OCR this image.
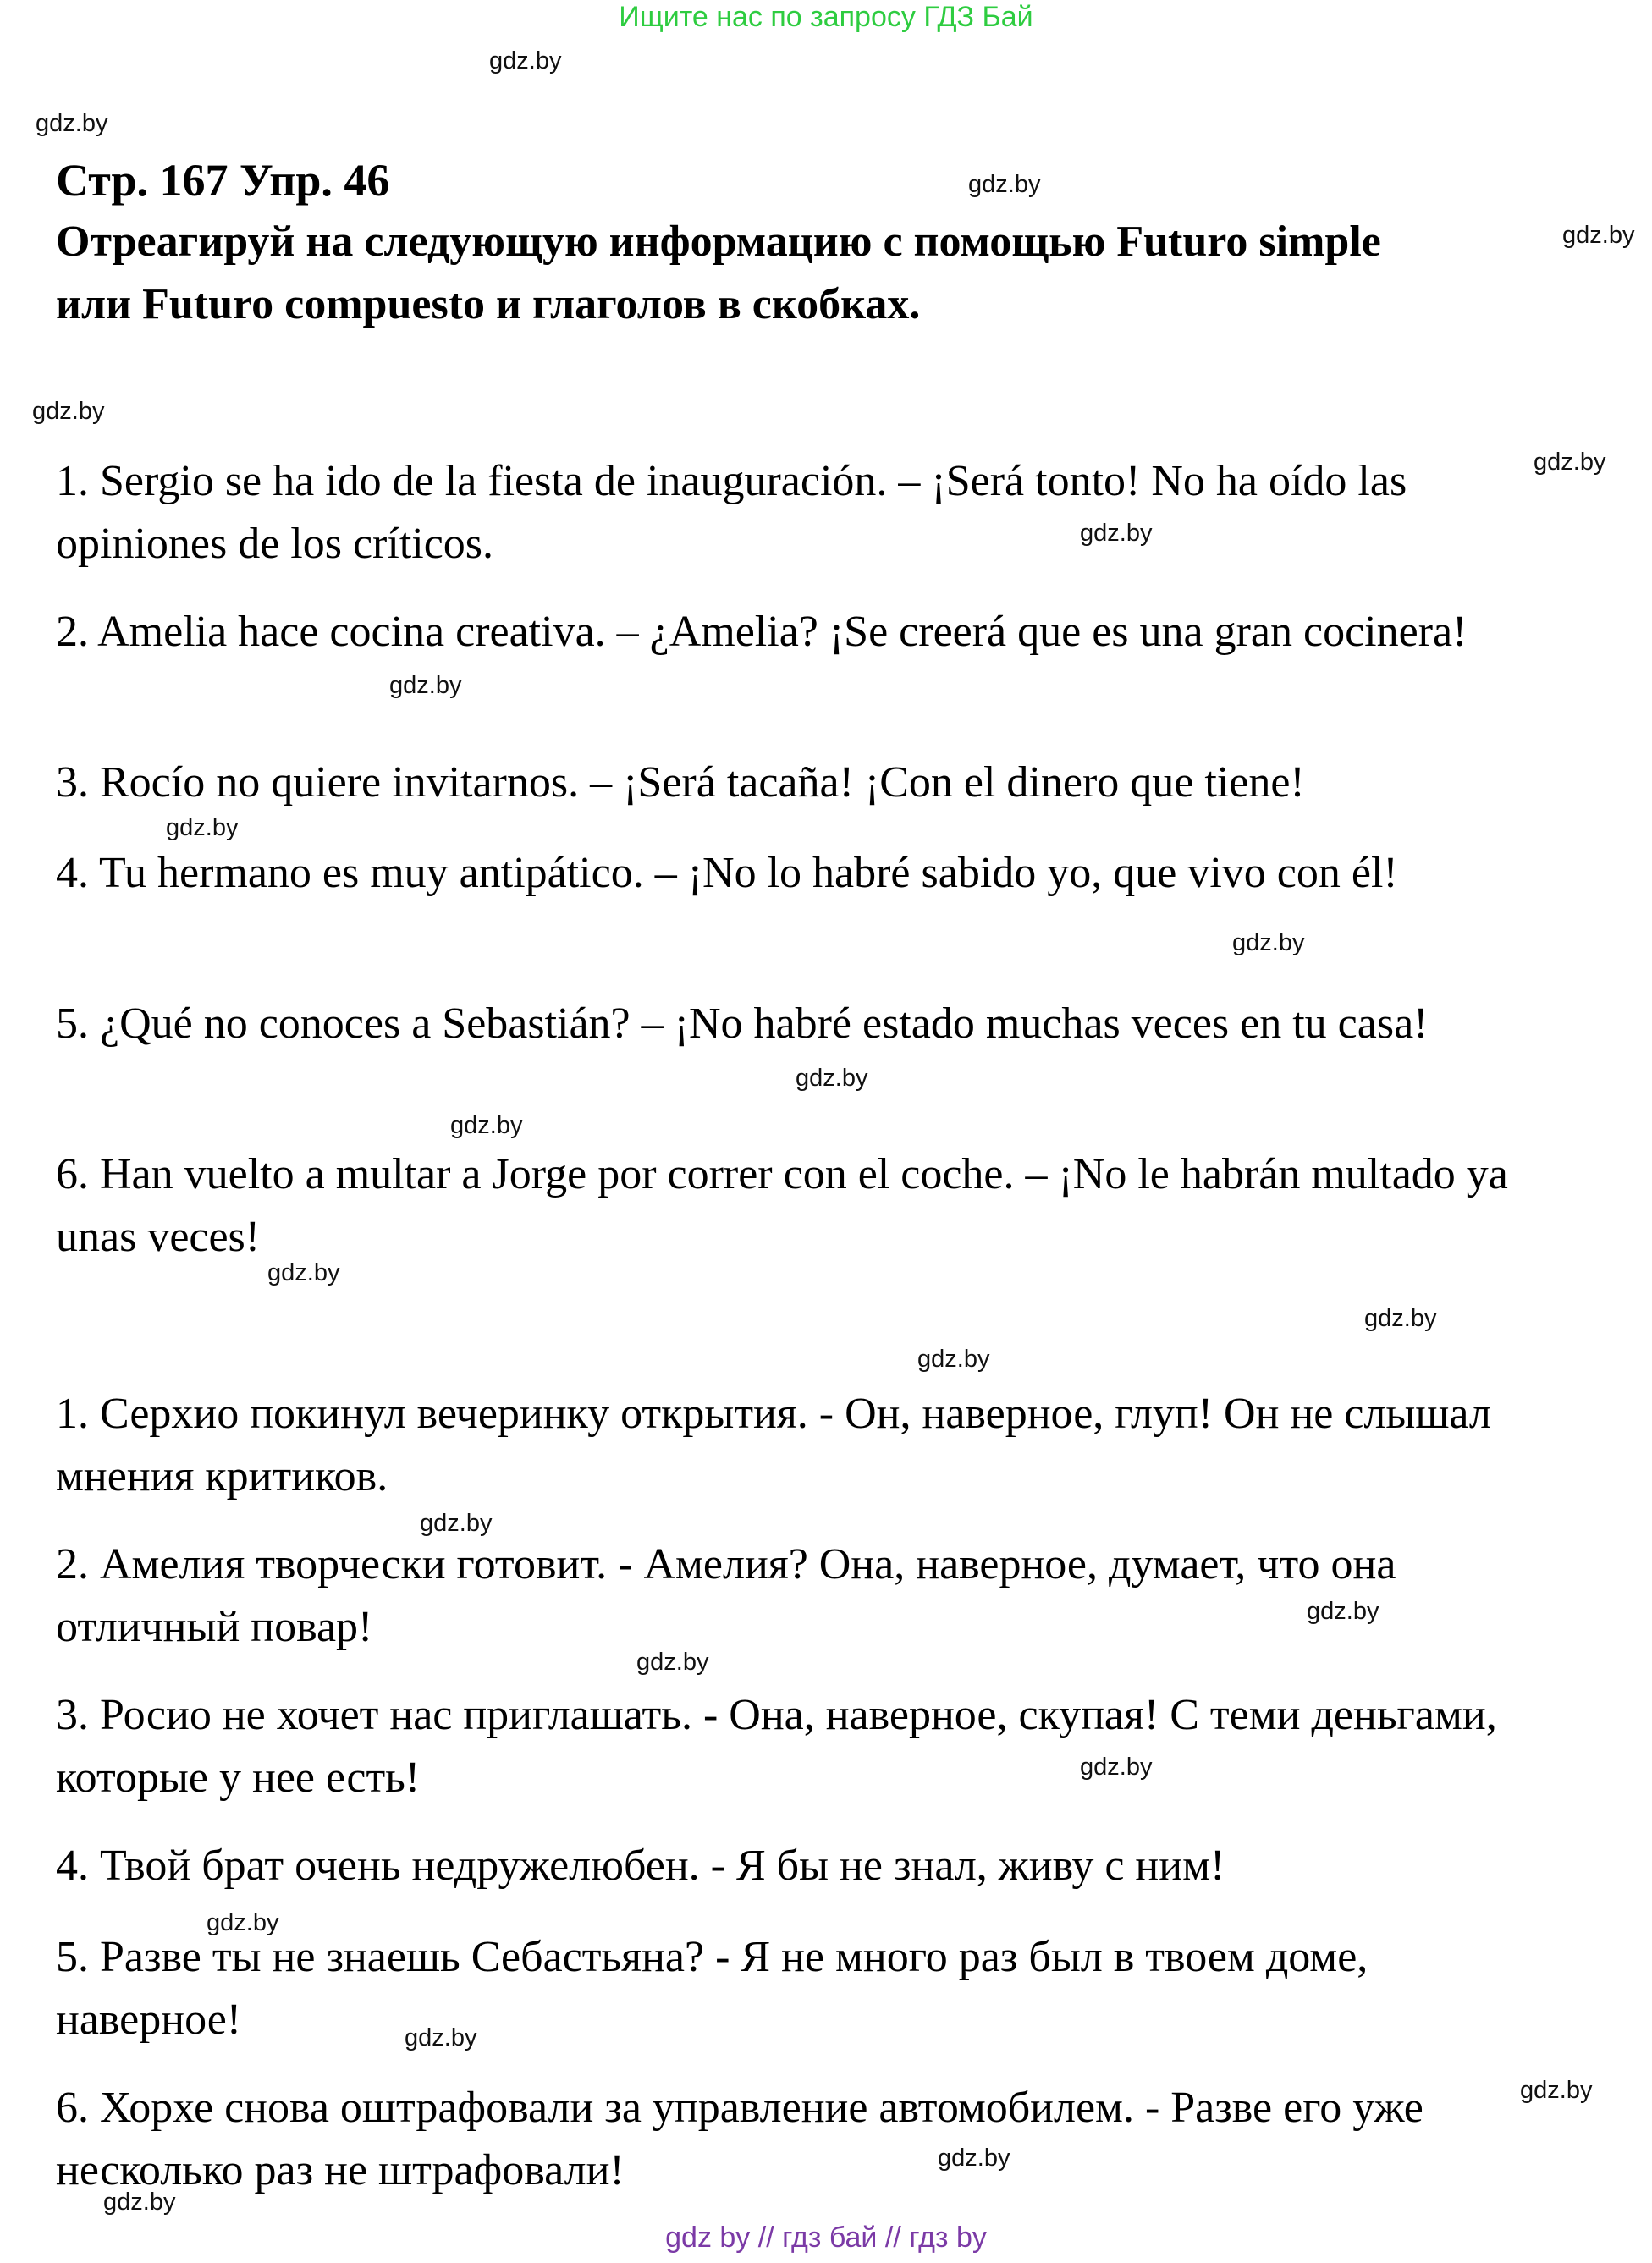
Ищите нас по запросу ГДЗ Бай
Стр. 167 Упр. 46
Отреагируй на следующую информацию с помощью Futuro simple
или Futuro compuesto и глаголов в скобках.

1. Sergio se ha ido de la fiesta de inauguración. – ¡Será tonto! No ha oído las opiniones de los críticos.

2. Amelia hace cocina creativa. – ¿Amelia? ¡Se creerá que es una gran cocinera!

3. Rocío no quiere invitarnos. – ¡Será tacaña! ¡Con el dinero que tiene!

4. Tu hermano es muy antipático. – ¡No lo habré sabido yo, que vivo con él!

5. ¿Qué no conoces a Sebastián? – ¡No habré estado muchas veces en tu casa!

6. Han vuelto a multar a Jorge por correr con el coche. – ¡No le habrán multado ya unas veces!

1. Серхио покинул вечеринку открытия. - Он, наверное, глуп! Он не слышал мнения критиков.

2. Амелия творчески готовит. - Амелия? Она, наверное, думает, что она отличный повар!

3. Росио не хочет нас приглашать. - Она, наверное, скупая! С теми деньгами, которые у нее есть!

4. Твой брат очень недружелюбен. - Я бы не знал, живу с ним!

5. Разве ты не знаешь Себастьяна? - Я не много раз был в твоем доме, наверное!

6. Хорхе снова оштрафовали за управление автомобилем. - Разве его уже несколько раз не штрафовали!

gdz.by
gdz.by
gdz.by
gdz.by
gdz.by
gdz.by
gdz.by
gdz.by
gdz.by
gdz.by
gdz.by
gdz.by
gdz.by
gdz.by
gdz.by
gdz.by
gdz.by
gdz.by
gdz.by
gdz.by
gdz.by
gdz.by
gdz.by
gdz.by
gdz by // гдз бай // гдз by
